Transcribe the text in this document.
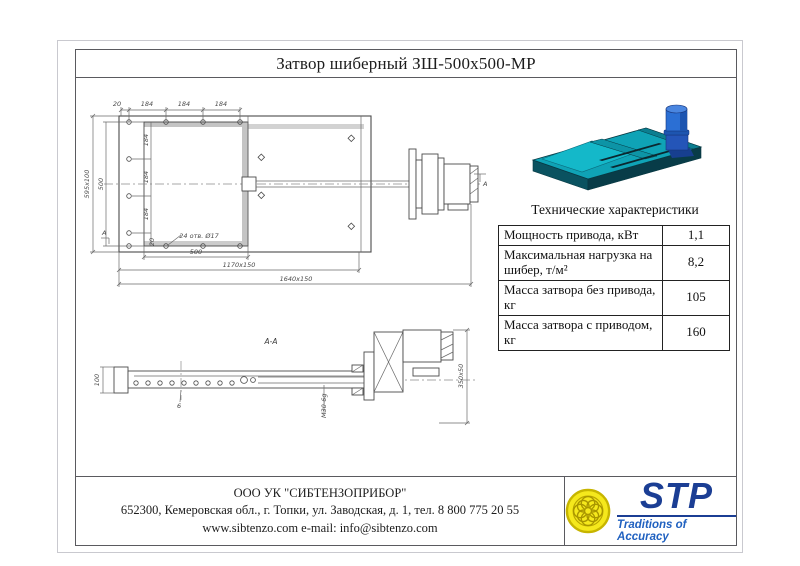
Затвор шиберный ЗШ-500x500-МР
А
А
20	184	184	184
595x100 500
184
184
184
20
24 отв. Ø17
500
1170x150
1640x150
А-А
100
6	М30-6g
350x50
Технические характеристики
Мощность привода, кВт	1,1
Максимальная нагрузка на шибер, т/м²	8,2
Масса затвора без привода, кг	105
Масса затвора с приводом, кг	160
ООО УК "СИБТЕНЗОПРИБОР"
652300, Кемеровская обл., г. Топки, ул. Заводская, д. 1, тел. 8 800 775 20 55
www.sibtenzo.com e-mail: info@sibtenzo.com
STP
Traditions of Accuracy
